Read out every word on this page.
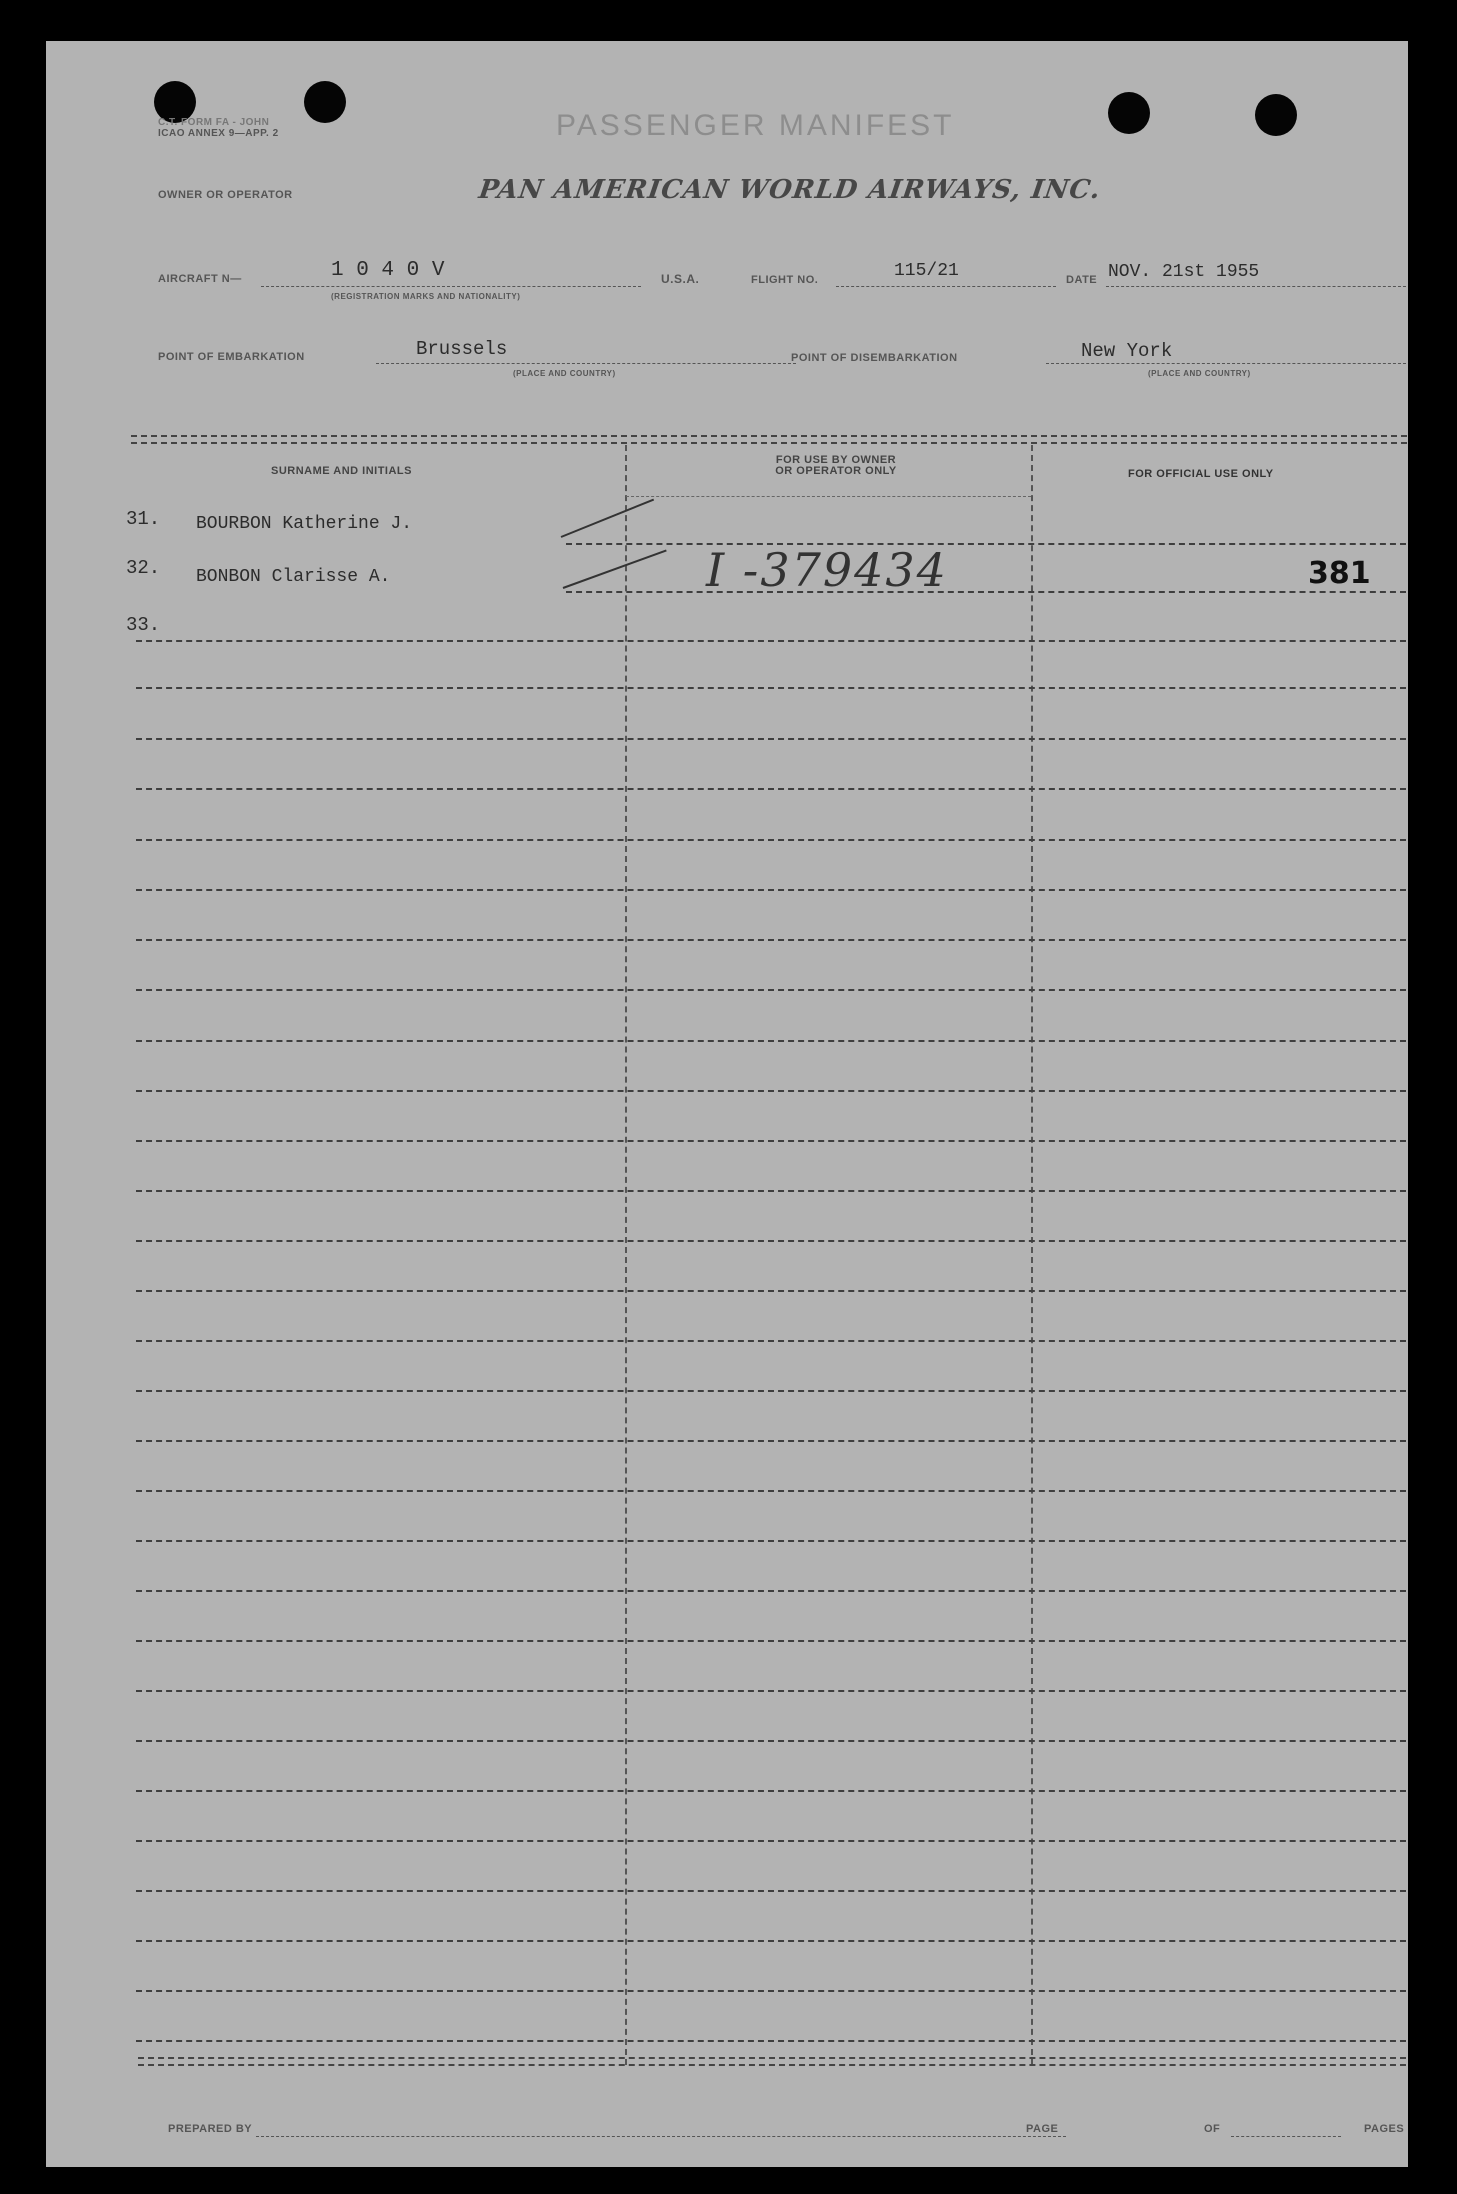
C.T. FORM FA - JOHN
ICAO ANNEX 9—APP. 2	PASSENGER MANIFEST
OWNER OR OPERATOR	PAN AMERICAN WORLD AIRWAYS, INC.
AIRCRAFT N—	1 0 4 0 V
(REGISTRATION MARKS AND NATIONALITY)
U.S.A.	FLIGHT NO.	115/21	DATE NOV. 21st 1955
POINT OF EMBARKATION	Brussels
(PLACE AND COUNTRY)
POINT OF DISEMBARKATION	New York
(PLACE AND COUNTRY)
SURNAME AND INITIALS
FOR USE BY OWNER
OR OPERATOR ONLY	FOR OFFICIAL USE ONLY
31. BOURBON Katherine J.
32. BONBON Clarisse A.	I -379434	381
33.
PREPARED BY	PAGE	OF	PAGES
